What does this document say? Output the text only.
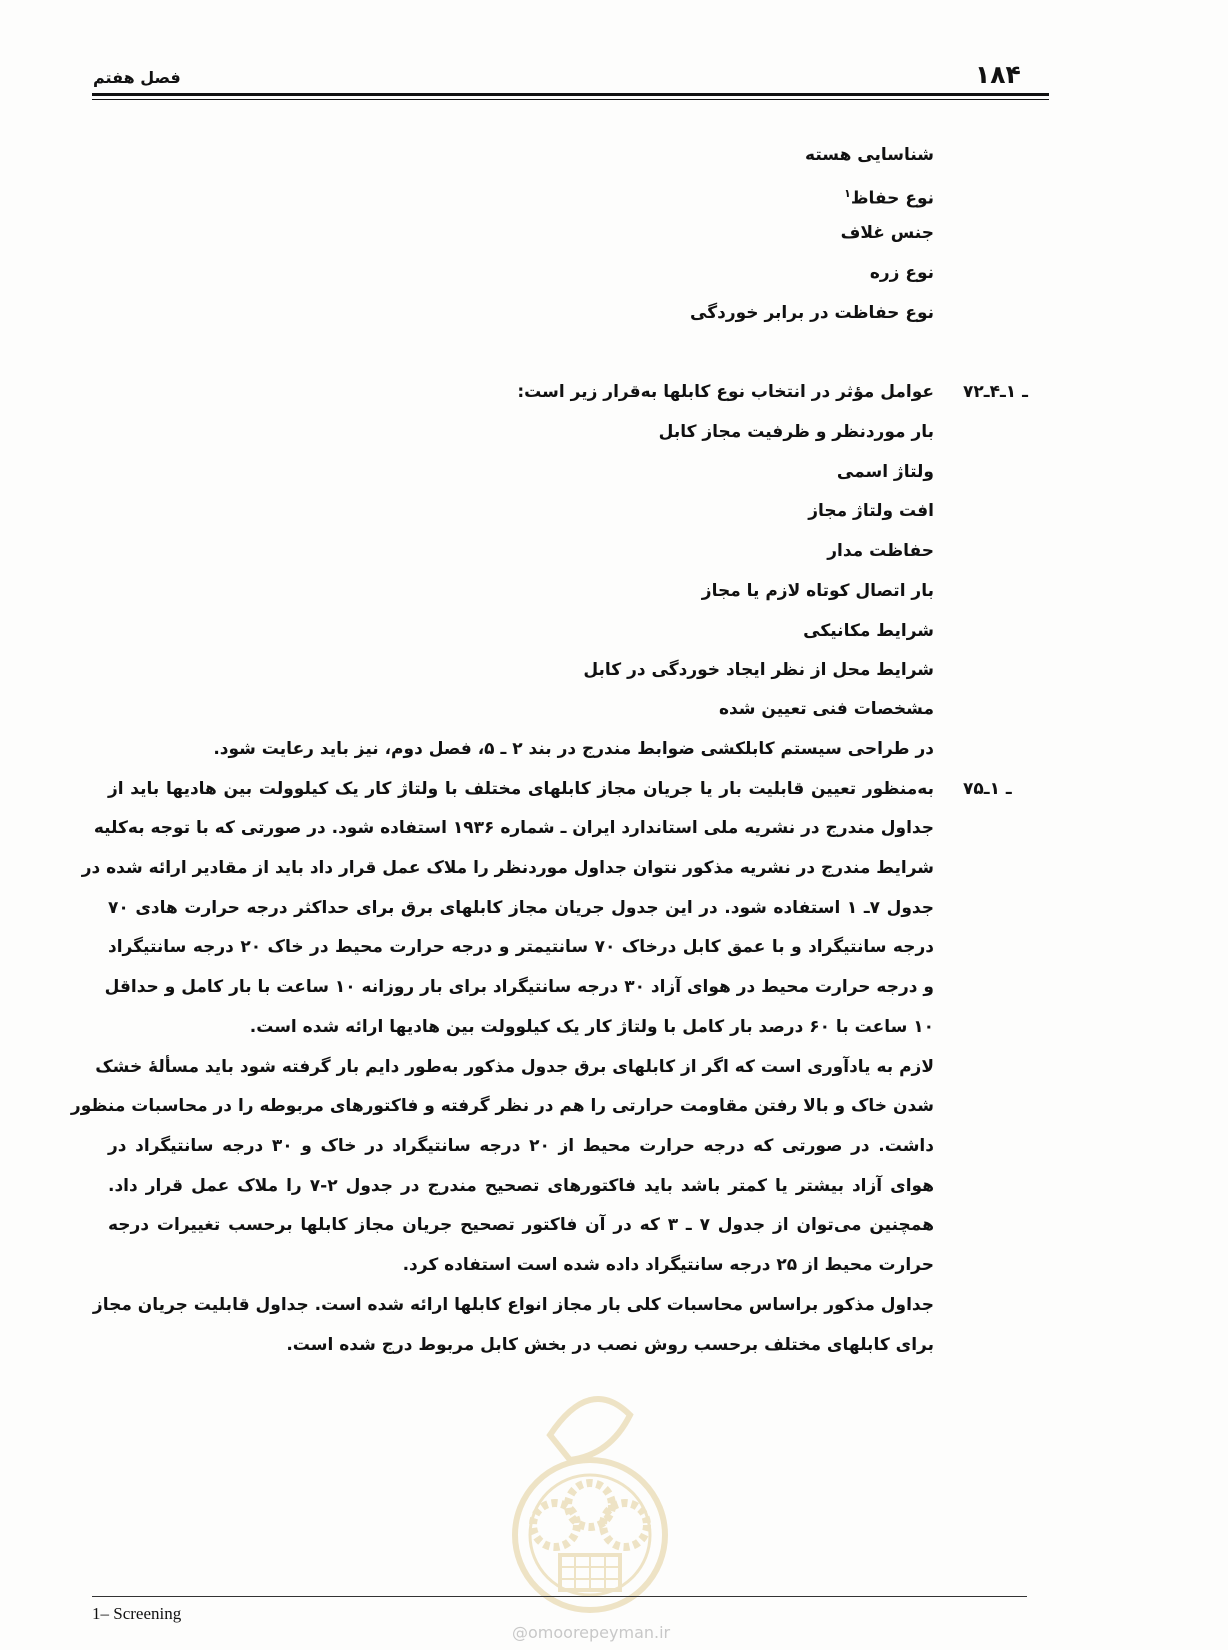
۱۸۴
فصل هفتم
شناسایی هسته
نوع حفاظ$^۱$
جنس غلاف
نوع زره
نوع حفاظت در برابر خوردگی
۷ـ ۱ـ۴ـ۲
عوامل مؤثر در انتخاب نوع کابلها به‌قرار زیر است:
بار موردنظر و ظرفیت مجاز کابل
ولتاژ اسمی
افت ولتاژ مجاز
حفاظت مدار
بار اتصال کوتاه لازم یا مجاز
شرایط مکانیکی
شرایط محل از نظر ایجاد خوردگی در کابل
مشخصات فنی تعیین شده
در طراحی سیستم کابلکشی ضوابط مندرج در بند ۲ ـ ۵، فصل دوم، نیز باید رعایت شود.
۷ـ ۱ـ۵
به‌منظور تعیین قابلیت بار یا جریان مجاز کابلهای مختلف با ولتاژ کار یک کیلوولت بین هادیها باید از
جداول مندرج در نشریه ملی استاندارد ایران ـ شماره ۱۹۳۶ استفاده شود. در صورتی که با توجه به‌کلیه
شرایط مندرج در نشریه مذکور نتوان جداول موردنظر را ملاک عمل قرار داد باید از مقادیر ارائه شده در
جدول ۷ـ ۱ استفاده شود. در این جدول جریان مجاز کابلهای برق برای حداکثر درجه حرارت هادی ۷۰
درجه سانتیگراد و با عمق کابل درخاک ۷۰ سانتیمتر و درجه حرارت محیط در خاک ۲۰ درجه سانتیگراد
و درجه حرارت محیط در هوای آزاد ۳۰ درجه سانتیگراد برای بار روزانه ۱۰ ساعت با بار کامل و حداقل
۱۰ ساعت با ۶۰ درصد بار کامل با ولتاژ کار یک کیلوولت بین هادیها ارائه شده است.
لازم به یادآوری است که اگر از کابلهای برق جدول مذکور به‌طور دایم بار گرفته شود باید مسألهٔ خشک
شدن خاک و بالا رفتن مقاومت حرارتی را هم در نظر گرفته و فاکتورهای مربوطه را در محاسبات منظور
داشت. در صورتی که درجه حرارت محیط از ۲۰ درجه سانتیگراد در خاک و ۳۰ درجه سانتیگراد در
هوای آزاد بیشتر یا کمتر باشد باید فاکتورهای تصحیح مندرج در جدول ۲-۷ را ملاک عمل قرار داد.
همچنین می‌توان از جدول ۷ ـ ۳ که در آن فاکتور تصحیح جریان مجاز کابلها برحسب تغییرات درجه
حرارت محیط از ۲۵ درجه سانتیگراد داده شده است استفاده کرد.
جداول مذکور براساس محاسبات کلی بار مجاز انواع کابلها ارائه شده است. جداول قابلیت جریان مجاز
برای کابلهای مختلف برحسب روش نصب در بخش کابل مربوط درج شده است.
1– Screening
@omoorepeyman.ir
